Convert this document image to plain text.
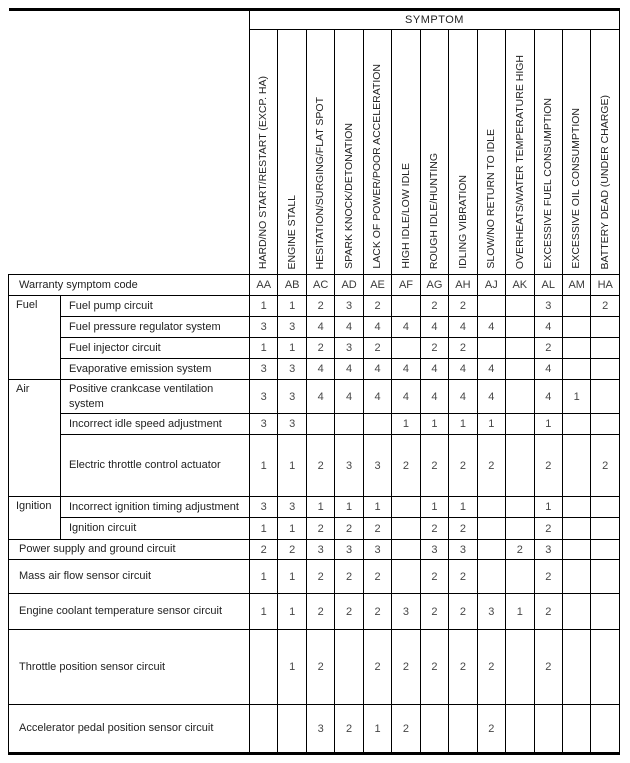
		SYMPTOM												

		HARD/NO START/RESTART (EXCP. HA)	ENGINE STALL	HESITATION/SURGING/FLAT SPOT	SPARK KNOCK/DETONATION	LACK OF POWER/POOR ACCELERATION	HIGH IDLE/LOW IDLE	ROUGH IDLE/HUNTING	IDLING VIBRATION	SLOW/NO RETURN TO IDLE	OVERHEATS/WATER TEMPERATURE HIGH	EXCESSIVE FUEL CONSUMPTION	EXCESSIVE OIL CONSUMPTION	BATTERY DEAD (UNDER CHARGE)

Warranty symptom code		AA	AB	AC	AD	AE	AF	AG	AH	AJ	AK	AL	AM	HA
Fuel	Fuel pump circuit	1	1	2	3	2		2	2			3		2
	Fuel pressure regulator system	3	3	4	4	4	4	4	4	4		4		
	Fuel injector circuit	1	1	2	3	2		2	2			2		
	Evaporative emission system	3	3	4	4	4	4	4	4	4		4		
Air	Positive crankcase ventilation system	3	3	4	4	4	4	4	4	4		4	1	
	Incorrect idle speed adjustment	3	3				1	1	1	1		1		
	Electric throttle control actuator	1	1	2	3	3	2	2	2	2		2		2
Ignition	Incorrect ignition timing adjustment	3	3	1	1	1		1	1			1		
	Ignition circuit	1	1	2	2	2		2	2			2		
Power supply and ground circuit		2	2	3	3	3		3	3		2	3		
Mass air flow sensor circuit		1	1	2	2	2		2	2			2		
Engine coolant temperature sensor circuit		1	1	2	2	2	3	2	2	3	1	2		
Throttle position sensor circuit			1	2		2	2	2	2	2		2		
Accelerator pedal position sensor circuit				3	2	1	2			2				
